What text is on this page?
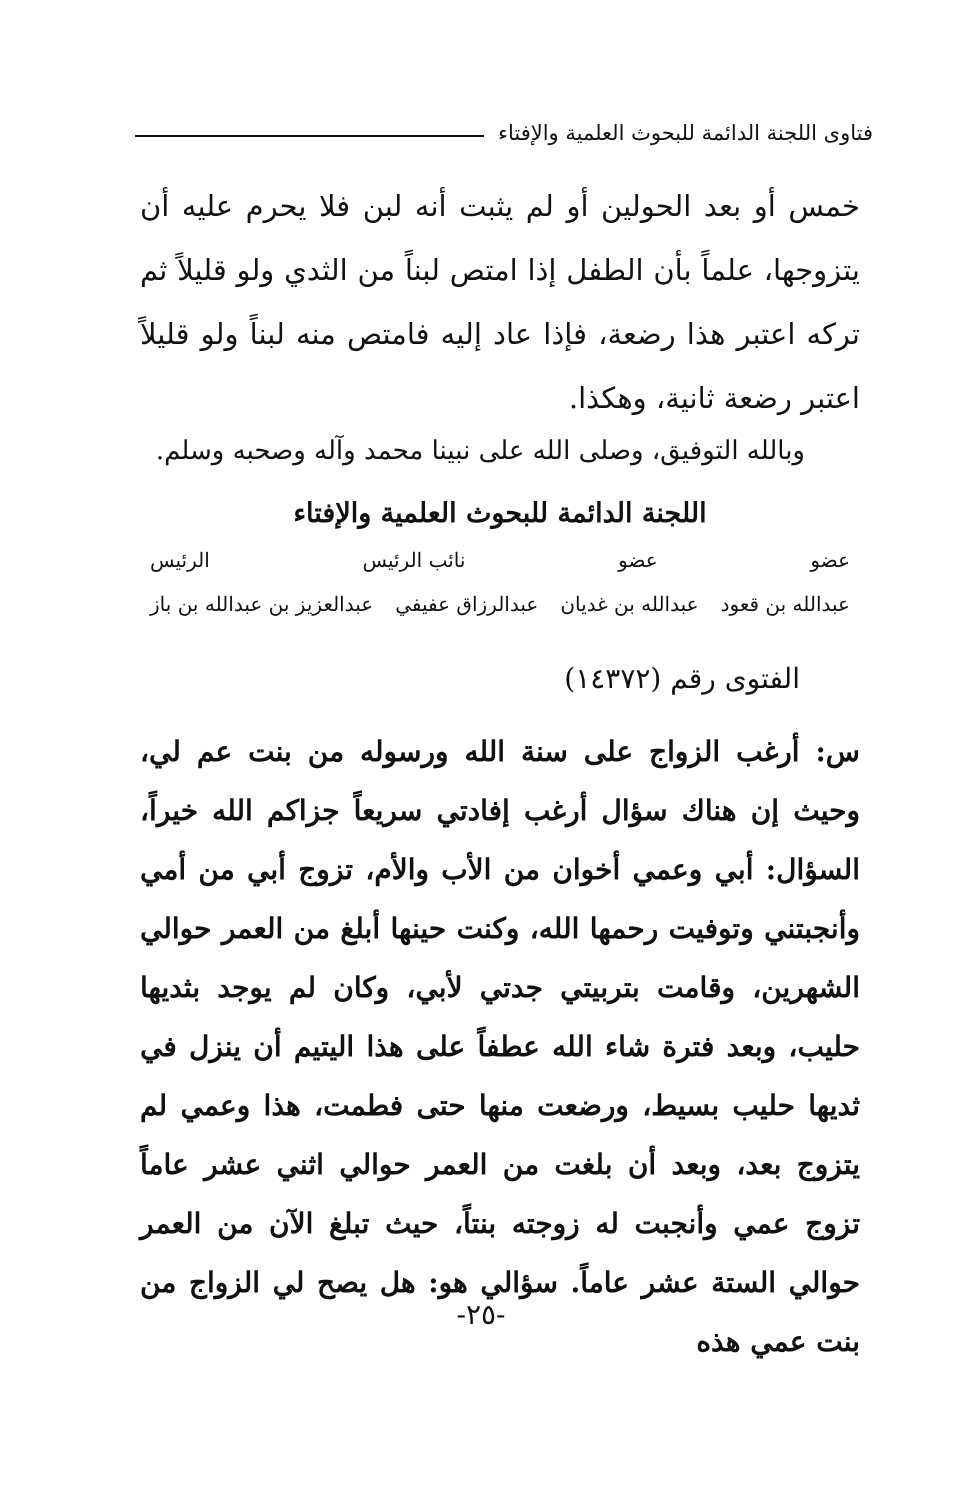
فتاوى اللجنة الدائمة للبحوث العلمية والإفتاء

خمس أو بعد الحولين أو لم يثبت أنه لبن فلا يحرم عليه أن يتزوجها، علماً بأن الطفل إذا امتص لبناً من الثدي ولو قليلاً ثم تركه اعتبر هذا رضعة، فإذا عاد إليه فامتص منه لبناً ولو قليلاً اعتبر رضعة ثانية، وهكذا.

وبالله التوفيق، وصلى الله على نبينا محمد وآله وصحبه وسلم.

اللجنة الدائمة للبحوث العلمية والإفتاء

عضو
عضو
نائب الرئيس
الرئيس
عبدالله بن قعود
عبدالله بن غديان
عبدالرزاق عفيفي
عبدالعزيز بن عبدالله بن باز

الفتوى رقم (١٤٣٧٢)

س: أرغب الزواج على سنة الله ورسوله من بنت عم لي، وحيث إن هناك سؤال أرغب إفادتي سريعاً جزاكم الله خيراً، السؤال: أبي وعمي أخوان من الأب والأم، تزوج أبي من أمي وأنجبتني وتوفيت رحمها الله، وكنت حينها أبلغ من العمر حوالي الشهرين، وقامت بتربيتي جدتي لأبي، وكان لم يوجد بثديها حليب، وبعد فترة شاء الله عطفاً على هذا اليتيم أن ينزل في ثديها حليب بسيط، ورضعت منها حتى فطمت، هذا وعمي لم يتزوج بعد، وبعد أن بلغت من العمر حوالي اثني عشر عاماً تزوج عمي وأنجبت له زوجته بنتاً، حيث تبلغ الآن من العمر حوالي الستة عشر عاماً. سؤالي هو: هل يصح لي الزواج من بنت عمي هذه

-٢٥-
